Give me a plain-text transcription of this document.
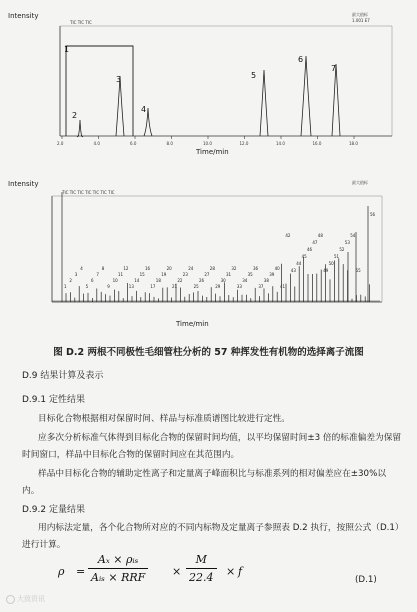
Intensity	最大值标
1.001 E7
TIC TIC TIC
2.0	4.0	6.0	8.0	10.0	12.0	14.0	16.0	18.0
1
2
3
4
5
6
7
Time/min
Intensity	最大值标
TIC TIC TIC TIC TIC TIC TIC
56
55
54
53
52
51
50
49
48
47
46
45
44
43
42
41
40
39
38
37
36
35
34
33
32
31
30
29
28
27
26
25
24
23
22
21
20
19
18
17
16
15
14
13
12
11
10
9
8
7
6
5
4
3
2
1
Time/min
图 D.2 两根不同极性毛细管柱分析的 57 种挥发性有机物的选择离子流图
D.9 结果计算及表示
D.9.1 定性结果
目标化合物根据相对保留时间、样品与标准质谱图比较进行定性。
应多次分析标准气体得到目标化合物的保留时间均值，以平均保留时间±3 倍的标准偏差为保留时间窗口，样品中目标化合物的保留时间应在其范围内。
样品中目标化合物的辅助定性离子和定量离子峰面积比与标准系列的相对偏差应在±30%以内。
D.9.2 定量结果
用内标法定量，各个化合物所对应的不同内标物及定量离子参照表 D.2 执行，按照公式（D.1）进行计算。
ρ =
Aₓ × ρᵢₛ
Aᵢₛ × RRF ×
M
22.4 × f
(D.1)
大致资讯
